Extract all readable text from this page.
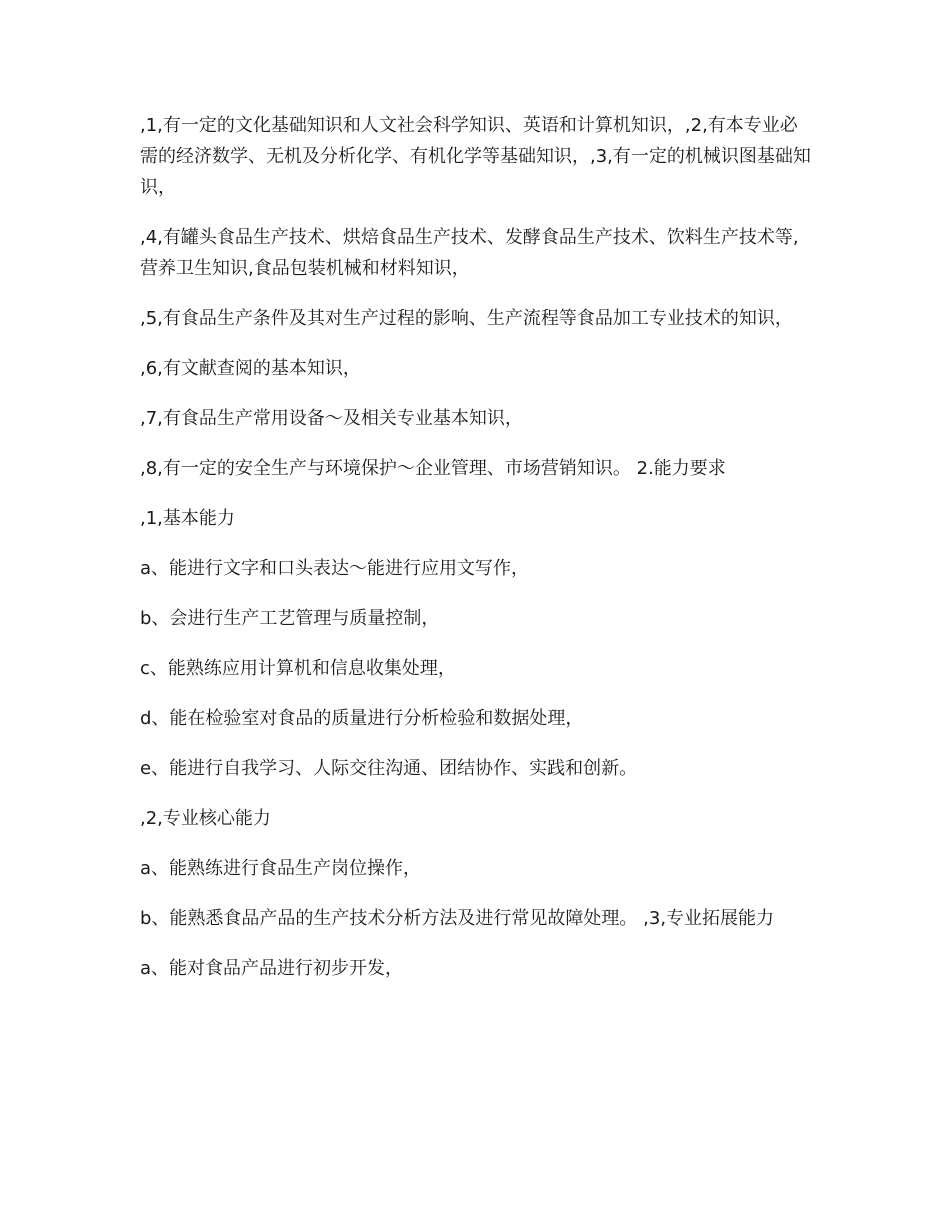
,1,有一定的文化基础知识和人文社会科学知识、英语和计算机知识，,2,有本专业必需的经济数学、无机及分析化学、有机化学等基础知识，,3,有一定的机械识图基础知识，

,4,有罐头食品生产技术、烘焙食品生产技术、发酵食品生产技术、饮料生产技术等,营养卫生知识,食品包装机械和材料知识，

,5,有食品生产条件及其对生产过程的影响、生产流程等食品加工专业技术的知识，

,6,有文献查阅的基本知识，

,7,有食品生产常用设备～及相关专业基本知识，

,8,有一定的安全生产与环境保护～企业管理、市场营销知识。 2.能力要求

,1,基本能力

a、能进行文字和口头表达～能进行应用文写作，

b、会进行生产工艺管理与质量控制，

c、能熟练应用计算机和信息收集处理，

d、能在检验室对食品的质量进行分析检验和数据处理，

e、能进行自我学习、人际交往沟通、团结协作、实践和创新。

,2,专业核心能力

a、能熟练进行食品生产岗位操作，

b、能熟悉食品产品的生产技术分析方法及进行常见故障处理。 ,3,专业拓展能力

a、能对食品产品进行初步开发，
